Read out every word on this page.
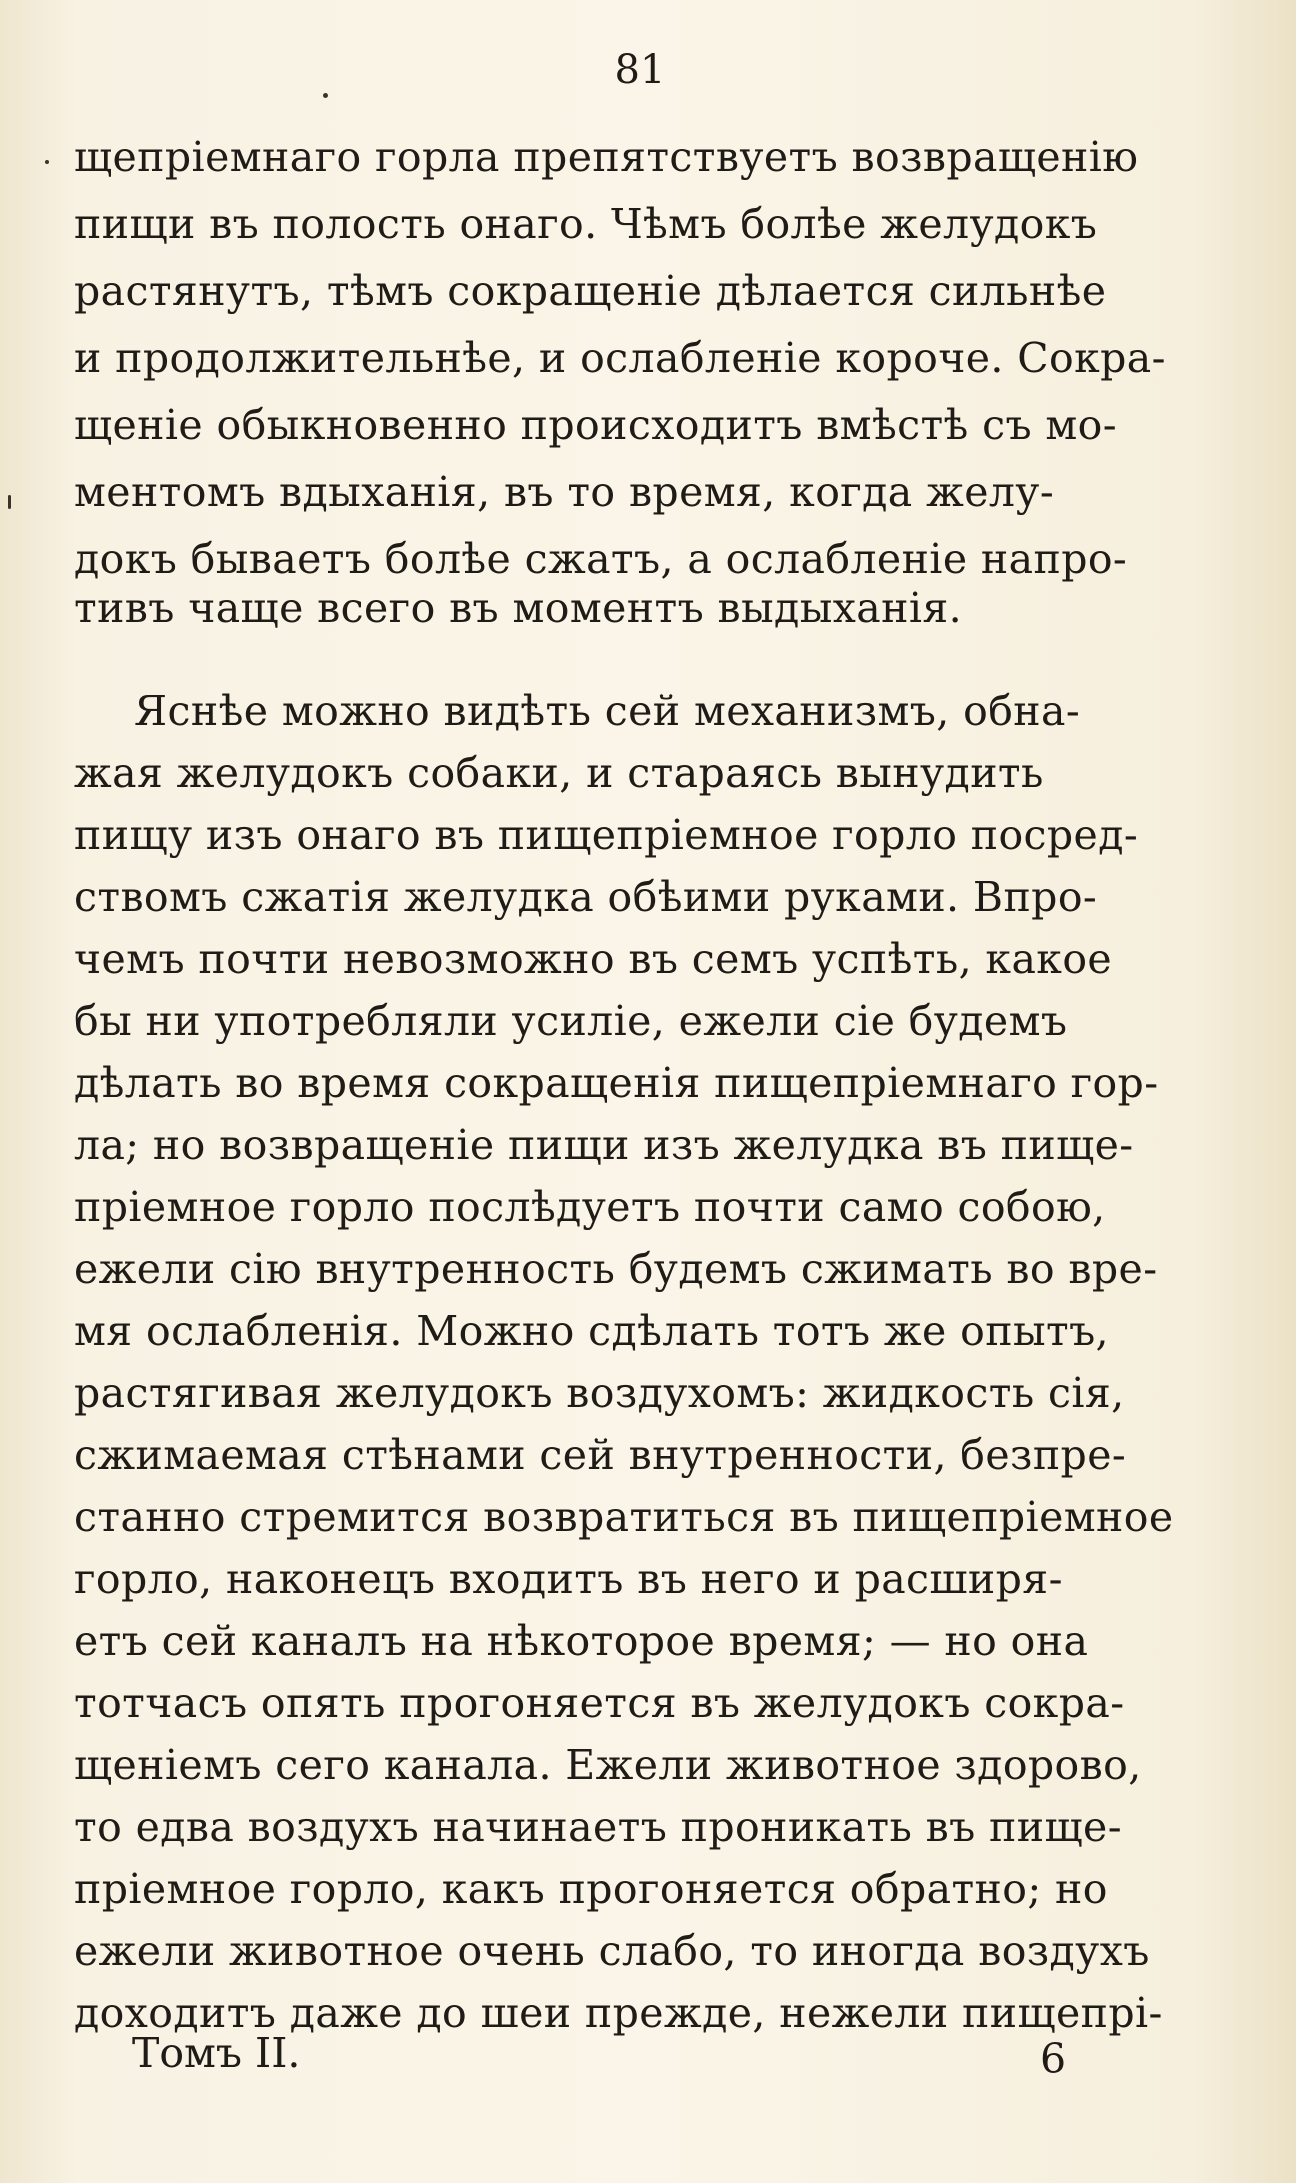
81
щепріемнаго горла препятствуетъ возвращенію
пищи въ полость онаго. Чѣмъ болѣе желудокъ
растянутъ, тѣмъ сокращеніе дѣлается сильнѣе
и продолжительнѣе, и ослабленіе короче. Сокра-
щеніе обыкновенно происходитъ вмѣстѣ съ мо-
ментомъ вдыханія, въ то время, когда желу-
докъ бываетъ болѣе сжатъ, а ослабленіе напро-
тивъ чаще всего въ моментъ выдыханія.
Яснѣе можно видѣть сей механизмъ, обна-
жая желудокъ собаки, и стараясь вынудить
пищу изъ онаго въ пищепріемное горло посред-
ствомъ сжатія желудка обѣими руками. Впро-
чемъ почти невозможно въ семъ успѣть, какое
бы ни употребляли усиліе, ежели сіе будемъ
дѣлать во время сокращенія пищепріемнаго гор-
ла; но возвращеніе пищи изъ желудка въ пище-
пріемное горло послѣдуетъ почти само собою,
ежели сію внутренность будемъ сжимать во вре-
мя ослабленія. Можно сдѣлать тотъ же опытъ,
растягивая желудокъ воздухомъ: жидкость сія,
сжимаемая стѣнами сей внутренности, безпре-
станно стремится возвратиться въ пищепріемное
горло, наконецъ входитъ въ него и расширя-
етъ сей каналъ на нѣкоторое время; — но она
тотчасъ опять прогоняется въ желудокъ сокра-
щеніемъ сего канала. Ежели животное здорово,
то едва воздухъ начинаетъ проникать въ пище-
пріемное горло, какъ прогоняется обратно; но
ежели животное очень слабо, то иногда воздухъ
доходитъ даже до шеи прежде, нежели пищепрі-
Томъ II.	6
